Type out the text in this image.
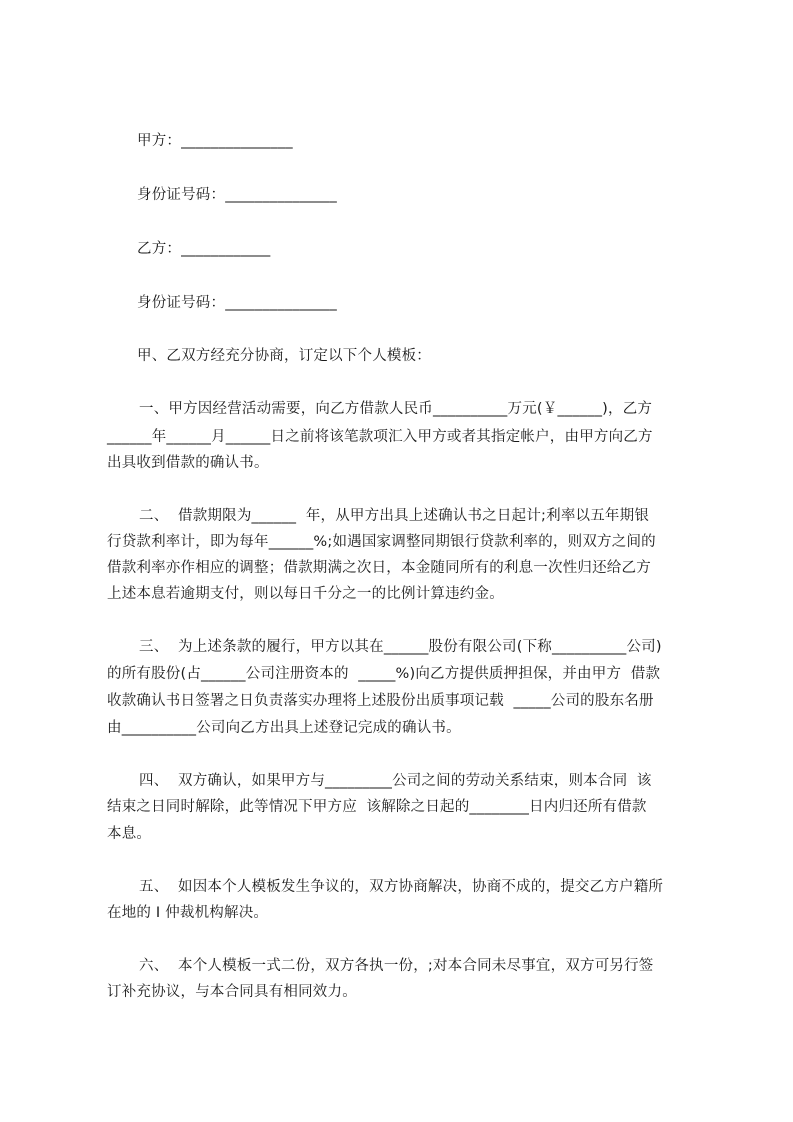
甲方：_______________
身份证号码：_______________
乙方：____________
身份证号码：_______________
甲、乙双方经充分协商，订定以下个人模板：
一、甲方因经营活动需要，向乙方借款人民币__________万元(￥______)，乙方
______年______月______日之前将该笔款项汇入甲方或者其指定帐户，由甲方向乙方
出具收到借款的确认书。
二、  借款期限为______  年，从甲方出具上述确认书之日起计;利率以五年期银
行贷款利率计，即为每年______%;如遇国家调整同期银行贷款利率的，则双方之间的
借款利率亦作相应的调整；借款期满之次日，本金随同所有的利息一次性归还给乙方
上述本息若逾期支付，则以每日千分之一的比例计算违约金。
三、  为上述条款的履行，甲方以其在______股份有限公司(下称__________公司)
的所有股份(占______公司注册资本的  _____%)向乙方提供质押担保，并由甲方  借款
收款确认书日签署之日负责落实办理将上述股份出质事项记载  _____公司的股东名册
由__________公司向乙方出具上述登记完成的确认书。
四、  双方确认，如果甲方与_________公司之间的劳动关系结束，则本合同  该
结束之日同时解除，此等情况下甲方应  该解除之日起的________日内归还所有借款
本息。
五、  如因本个人模板发生争议的，双方协商解决，协商不成的，提交乙方户籍所
在地的 I 仲裁机构解决。
六、  本个人模板一式二份，双方各执一份，;对本合同未尽事宜，双方可另行签
订补充协议，与本合同具有相同效力。
